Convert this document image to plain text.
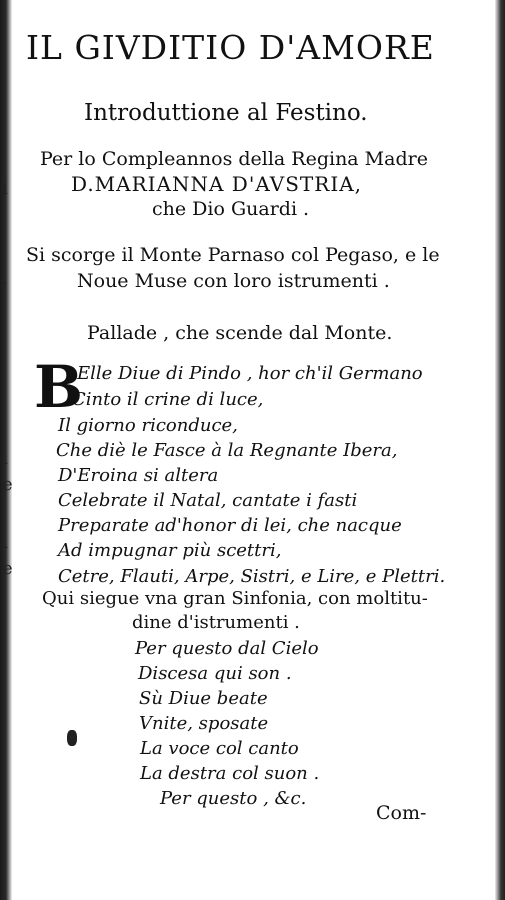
i
.
-
e
-
e
IL GIVDITIO D'AMORE
Introduttione al Festino.
Per lo Compleannos della Regina Madre
D.MARIANNA D'AVSTRIA,
che Dio Guardi .
Si scorge il Monte Parnaso col Pegaso, e le
Noue Muse con loro istrumenti .
Pallade , che scende dal Monte.
B
Elle Diue di Pindo , hor ch'il Germano
Cinto il crine di luce,
Il giorno riconduce,
Che diè le Fasce à la Regnante Ibera,
D'Eroina si altera
Celebrate il Natal, cantate i fasti
Preparate ad'honor di lei, che nacque
Ad impugnar più scettri,
Cetre, Flauti, Arpe, Sistri, e Lire, e Plettri.
Qui siegue vna gran Sinfonia, con moltitu-
dine d'istrumenti .
Per questo dal Cielo
Discesa qui son .
Sù Diue beate
Vnite, sposate
La voce col canto
La destra col suon .
Per questo , &c.
Com-
